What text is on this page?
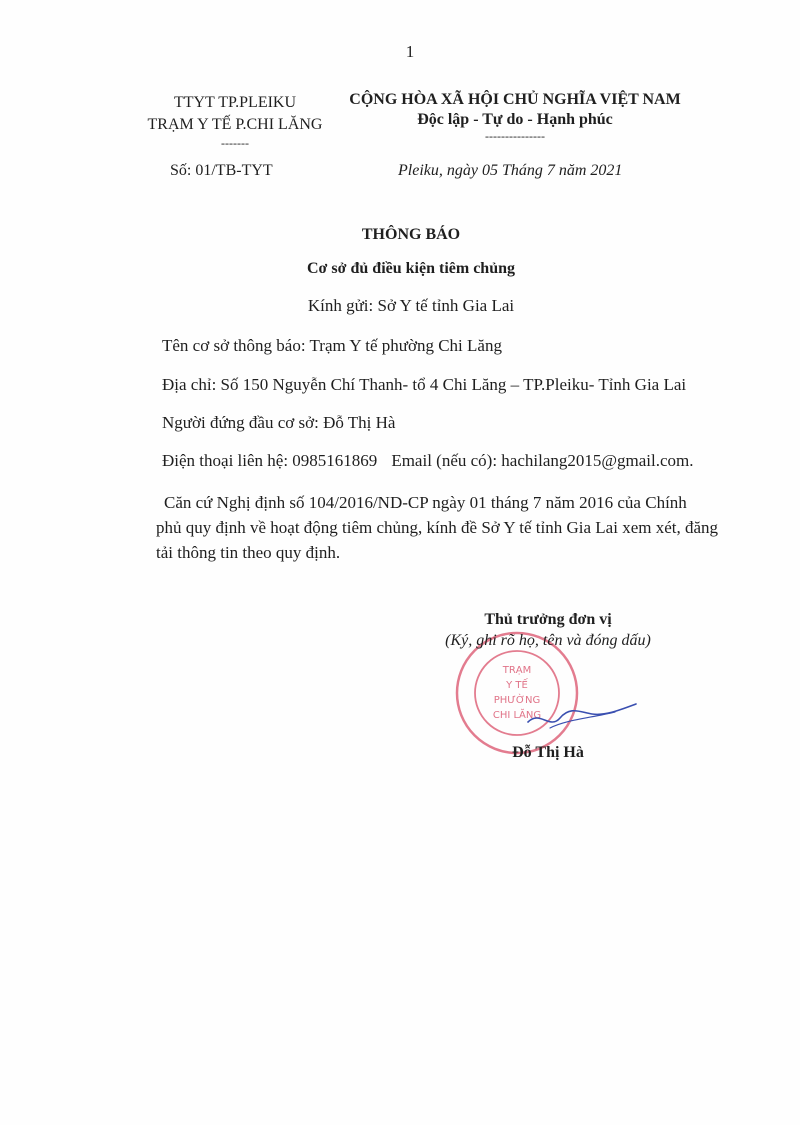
1
TTYT TP.PLEIKU
TRẠM Y TẾ P.CHI LĂNG
-------
Số: 01/TB-TYT
CỘNG HÒA XÃ HỘI CHỦ NGHĨA VIỆT NAM
Độc lập - Tự do - Hạnh phúc
---------------
Pleiku, ngày 05 Tháng 7 năm 2021
THÔNG BÁO
Cơ sở đủ điều kiện tiêm chủng
Kính gửi: Sở Y tế tỉnh Gia Lai
Tên cơ sở thông báo: Trạm Y tế phường Chi Lăng
Địa chỉ: Số 150 Nguyễn Chí Thanh- tổ 4 Chi Lăng – TP.Pleiku- Tỉnh Gia Lai
Người đứng đầu cơ sở: Đỗ Thị Hà
Điện thoại liên hệ: 0985161869 Email (nếu có): hachilang2015@gmail.com.
Căn cứ Nghị định số 104/2016/ND-CP ngày 01 tháng 7 năm 2016 của Chính
phủ quy định về hoạt động tiêm chủng, kính đề Sở Y tế tỉnh Gia Lai xem xét, đăng
tải thông tin theo quy định.
Thủ trưởng đơn vị
TRẠM
Y TẾ
PHƯỜNG
CHI LĂNG
(Ký, ghi rõ họ, tên và đóng dấu)
Đỗ Thị Hà
